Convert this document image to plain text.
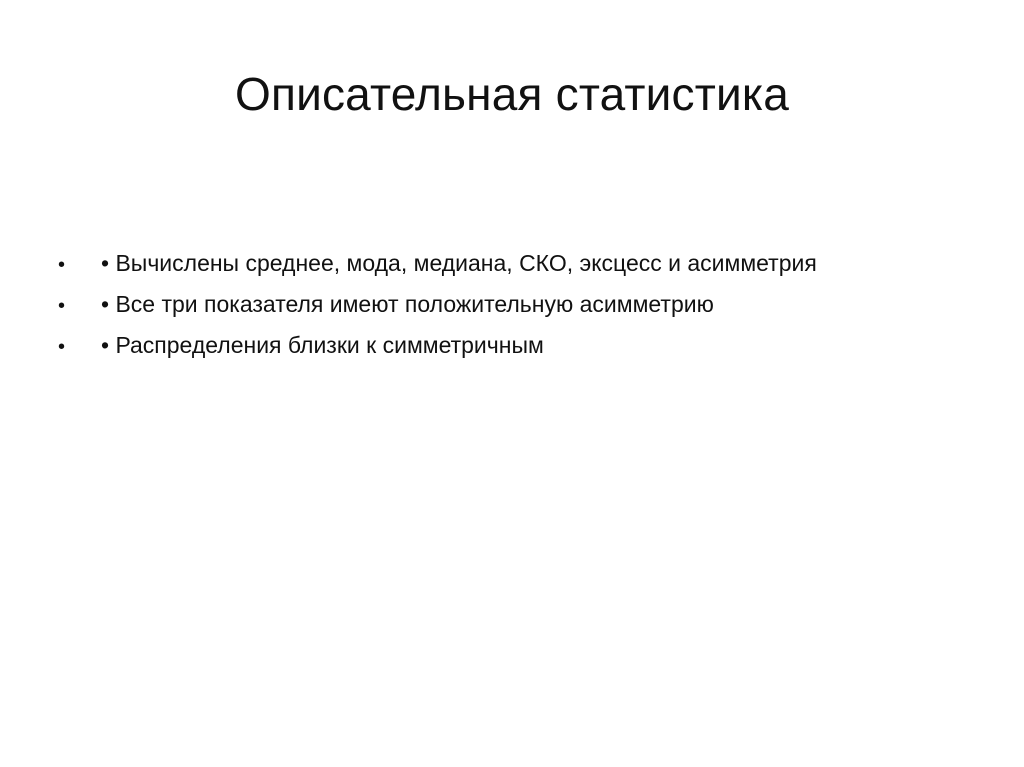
Описательная статистика
•	• Вычислены среднее, мода, медиана, СКО, эксцесс и асимметрия
•	• Все три показателя имеют положительную асимметрию
•	• Распределения близки к симметричным
